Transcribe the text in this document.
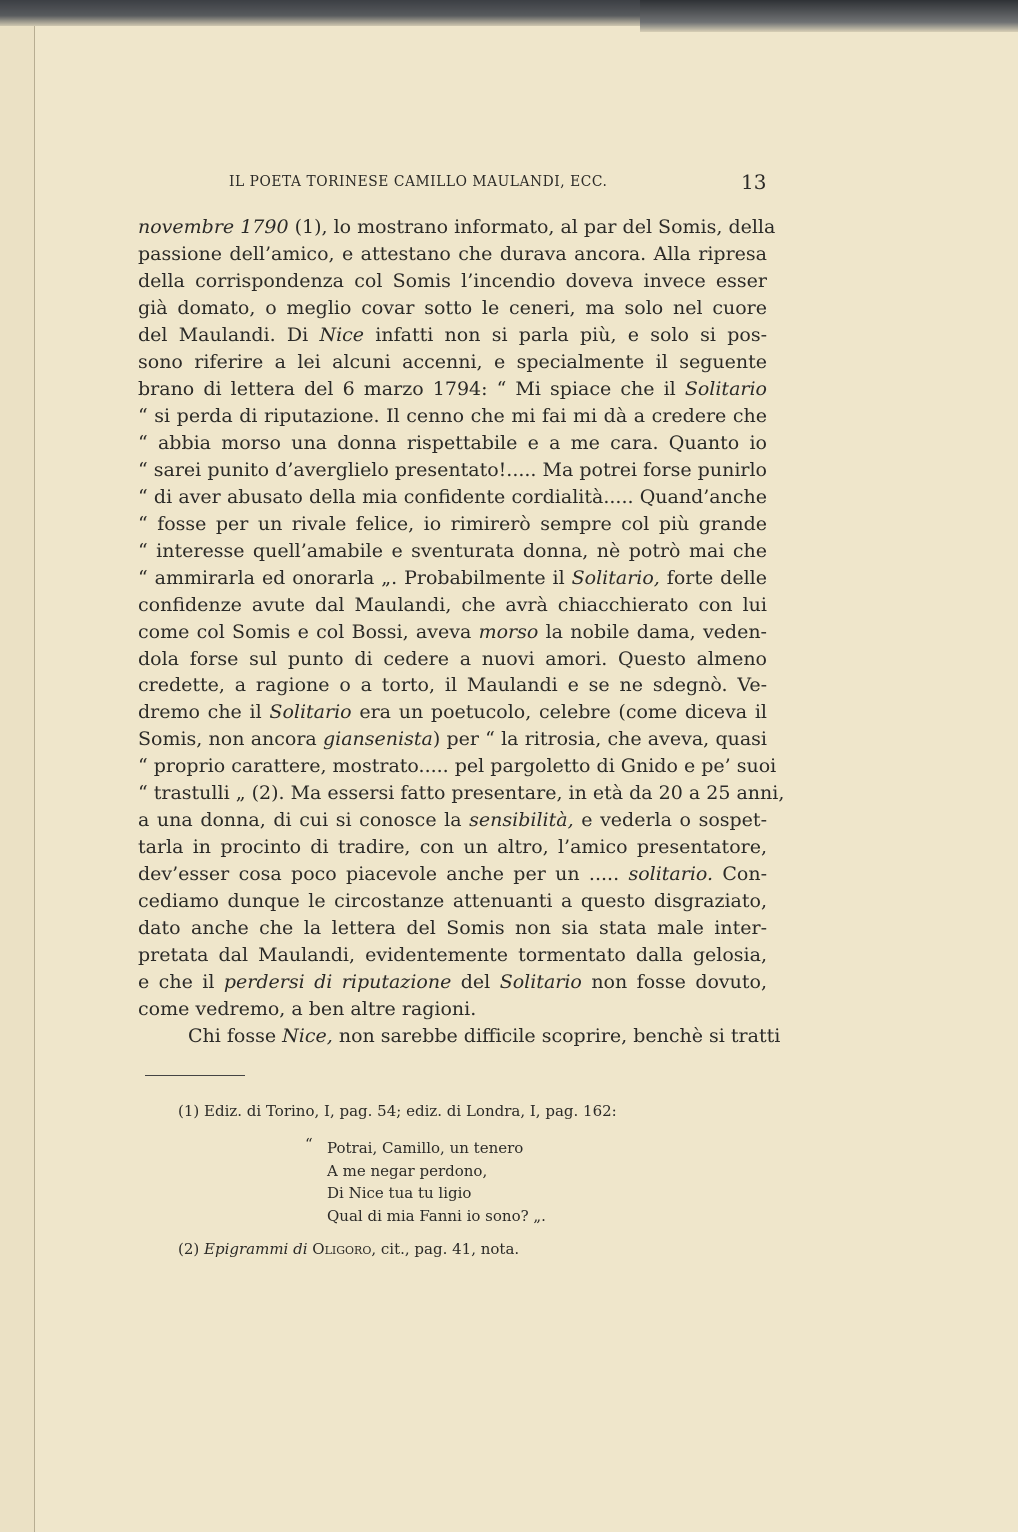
IL POETA TORINESE CAMILLO MAULANDI, ECC.	13
novembre 1790 (1), lo mostrano informato, al par del Somis, della
passione dell’amico, e attestano che durava ancora. Alla ripresa
della corrispondenza col Somis l’incendio doveva invece esser
già domato, o meglio covar sotto le ceneri, ma solo nel cuore
del Maulandi. Di Nice infatti non si parla più, e solo si pos-
sono riferire a lei alcuni accenni, e specialmente il seguente
brano di lettera del 6 marzo 1794: “ Mi spiace che il Solitario
“ si perda di riputazione. Il cenno che mi fai mi dà a credere che
“ abbia morso una donna rispettabile e a me cara. Quanto io
“ sarei punito d’averglielo presentato!..... Ma potrei forse punirlo
“ di aver abusato della mia confidente cordialità..... Quand’anche
“ fosse per un rivale felice, io rimirerò sempre col più grande
“ interesse quell’amabile e sventurata donna, nè potrò mai che
“ ammirarla ed onorarla „. Probabilmente il Solitario, forte delle
confidenze avute dal Maulandi, che avrà chiacchierato con lui
come col Somis e col Bossi, aveva morso la nobile dama, veden-
dola forse sul punto di cedere a nuovi amori. Questo almeno
credette, a ragione o a torto, il Maulandi e se ne sdegnò. Ve-
dremo che il Solitario era un poetucolo, celebre (come diceva il
Somis, non ancora giansenista) per “ la ritrosia, che aveva, quasi
“ proprio carattere, mostrato..... pel pargoletto di Gnido e pe’ suoi
“ trastulli „ (2). Ma essersi fatto presentare, in età da 20 a 25 anni,
a una donna, di cui si conosce la sensibilità, e vederla o sospet-
tarla in procinto di tradire, con un altro, l’amico presentatore,
dev’esser cosa poco piacevole anche per un ..... solitario. Con-
cediamo dunque le circostanze attenuanti a questo disgraziato,
dato anche che la lettera del Somis non sia stata male inter-
pretata dal Maulandi, evidentemente tormentato dalla gelosia,
e che il perdersi di riputazione del Solitario non fosse dovuto,
come vedremo, a ben altre ragioni.
Chi fosse Nice, non sarebbe difficile scoprire, benchè si tratti
(1) Ediz. di Torino, I, pag. 54; ediz. di Londra, I, pag. 162:
“ Potrai, Camillo, un tenero
A me negar perdono,
Di Nice tua tu ligio
Qual di mia Fanni io sono? „.
(2) Epigrammi di Oligoro, cit., pag. 41, nota.
